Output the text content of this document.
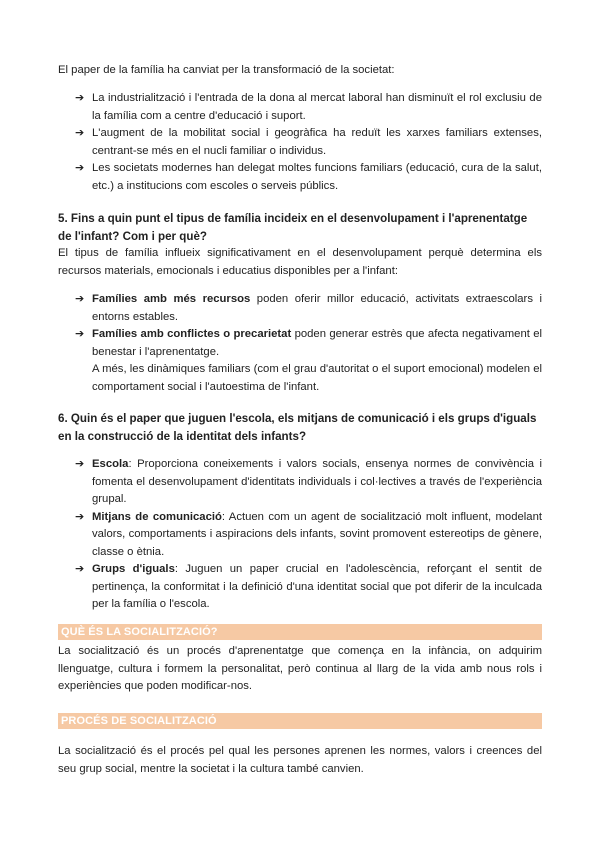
El paper de la família ha canviat per la transformació de la societat:

➔ La industrialització i l'entrada de la dona al mercat laboral han disminuït el rol exclusiu de la família com a centre d'educació i suport.
➔ L'augment de la mobilitat social i geogràfica ha reduït les xarxes familiars extenses, centrant-se més en el nucli familiar o individus.
➔ Les societats modernes han delegat moltes funcions familiars (educació, cura de la salut, etc.) a institucions com escoles o serveis públics.
5. Fins a quin punt el tipus de família incideix en el desenvolupament i l'aprenentatge de l'infant? Com i per què?

El tipus de família influeix significativament en el desenvolupament perquè determina els recursos materials, emocionals i educatius disponibles per a l'infant:

➔ Famílies amb més recursos poden oferir millor educació, activitats extraescolars i entorns estables.
➔ Famílies amb conflictes o precarietat poden generar estrès que afecta negativament el benestar i l'aprenentatge.
A més, les dinàmiques familiars (com el grau d'autoritat o el suport emocional) modelen el comportament social i l'autoestima de l'infant.
6. Quin és el paper que juguen l'escola, els mitjans de comunicació i els grups d'iguals en la construcció de la identitat dels infants?
➔ Escola: Proporciona coneixements i valors socials, ensenya normes de convivència i fomenta el desenvolupament d'identitats individuals i col·lectives a través de l'experiència grupal.
➔ Mitjans de comunicació: Actuen com un agent de socialització molt influent, modelant valors, comportaments i aspiracions dels infants, sovint promovent estereotips de gènere, classe o ètnia.
➔ Grups d'iguals: Juguen un paper crucial en l'adolescència, reforçant el sentit de pertinença, la conformitat i la definició d'una identitat social que pot diferir de la inculcada per la família o l'escola.
QUÈ ÉS LA SOCIALITZACIÓ?

La socialització és un procés d'aprenentatge que comença en la infància, on adquirim llenguatge, cultura i formem la personalitat, però continua al llarg de la vida amb nous rols i experiències que poden modificar-nos.

PROCÉS DE SOCIALITZACIÓ

La socialització és el procés pel qual les persones aprenen les normes, valors i creences del seu grup social, mentre la societat i la cultura també canvien.
